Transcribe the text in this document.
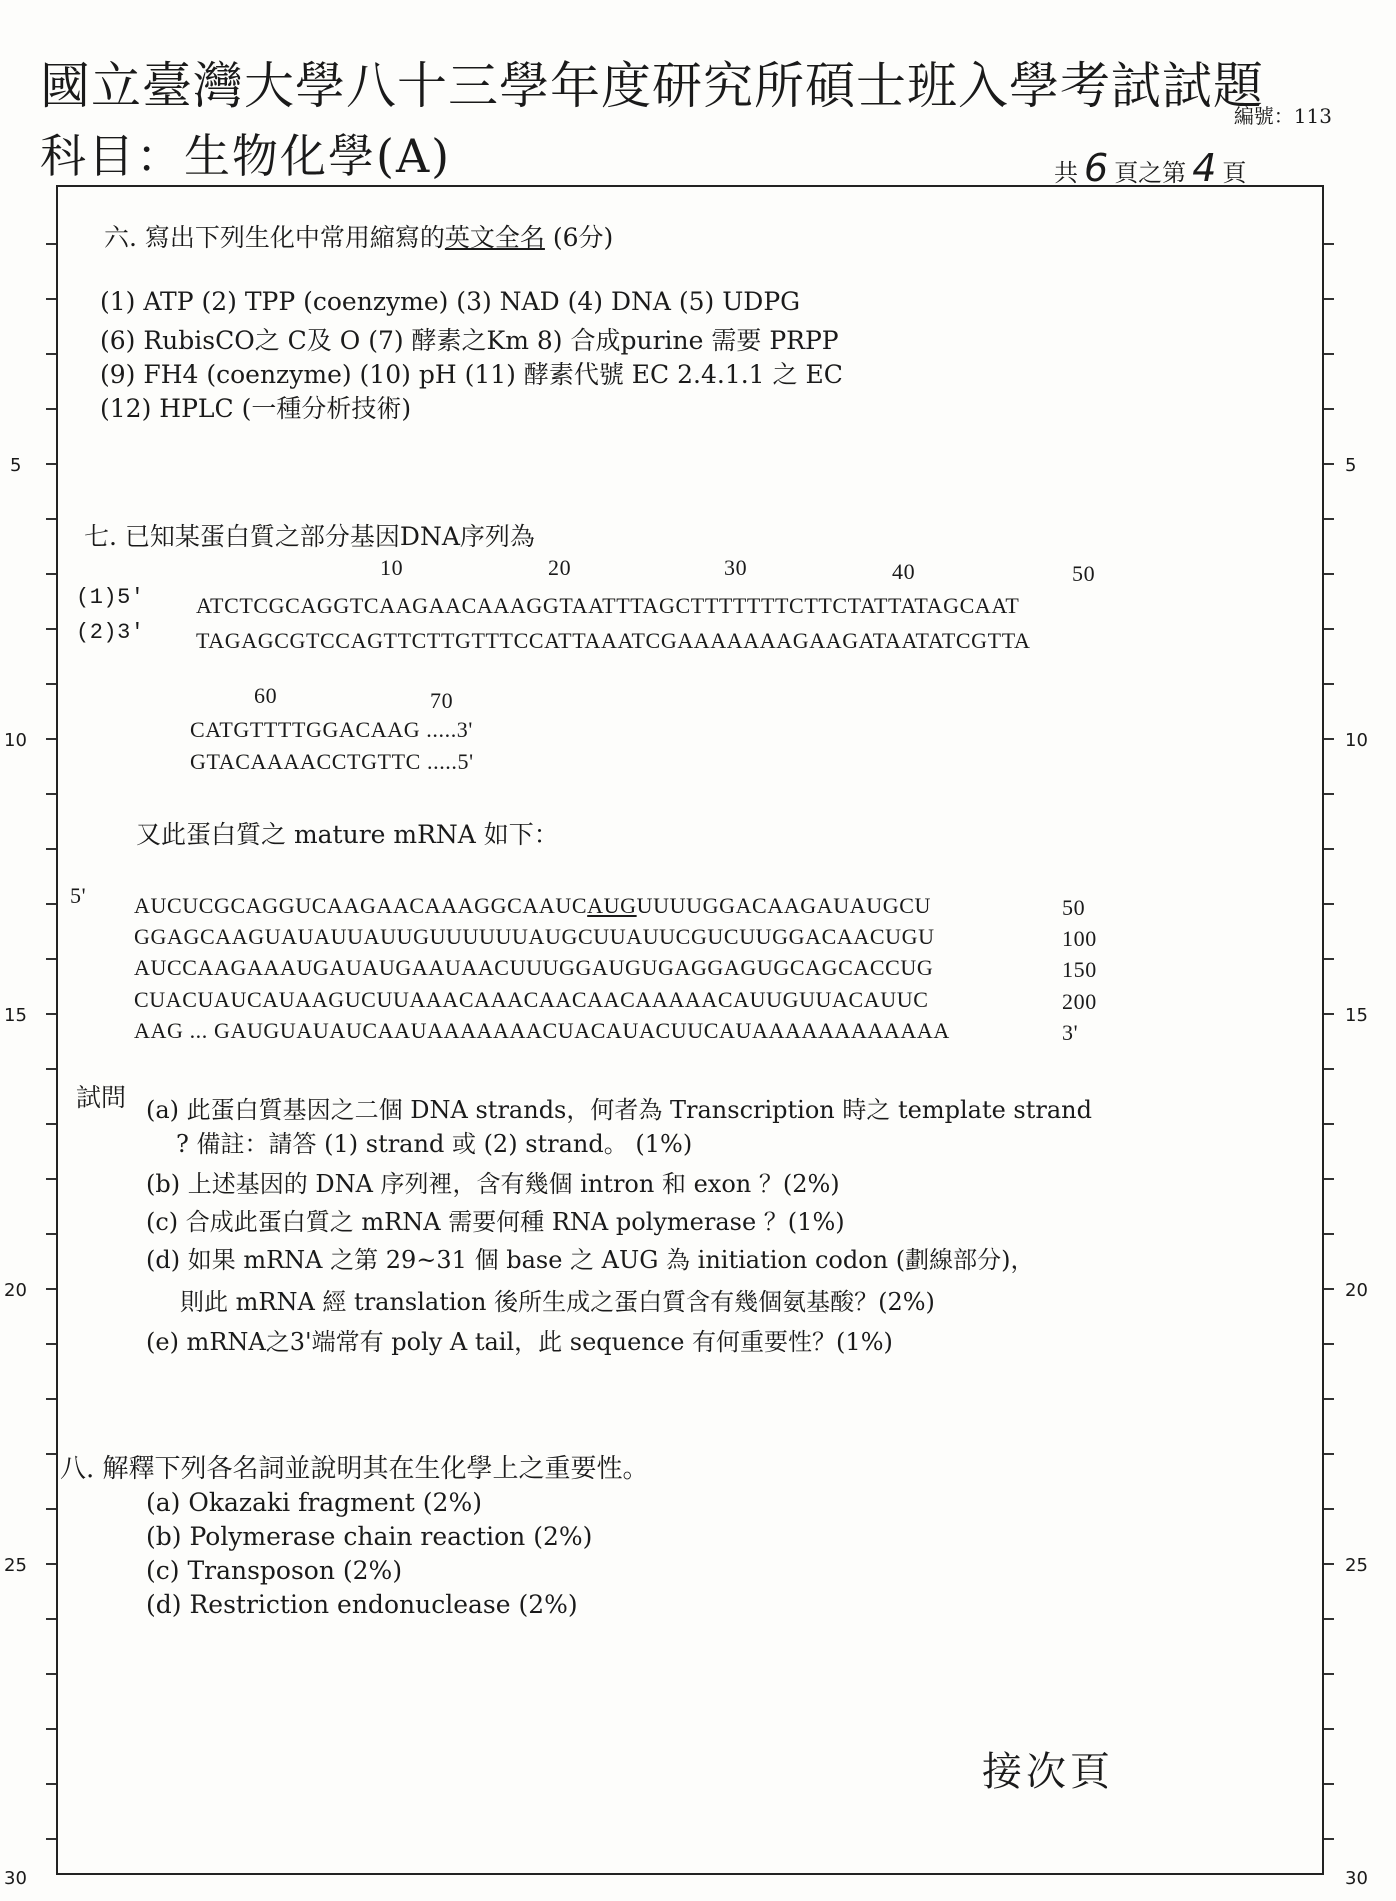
國立臺灣大學八十三學年度研究所碩士班入學考試試題
科目：生物化學(A)
編號：113
共 6 頁之第 4 頁
5
10
15
20
25
30
5
10
15
20
25
30
六. 寫出下列生化中常用縮寫的英文全名 (6分)
(1) ATP (2) TPP (coenzyme) (3) NAD (4) DNA (5) UDPG
(6) RubisCO之 C及 O (7) 酵素之Km 8) 合成purine 需要 PRPP
(9) FH4 (coenzyme) (10) pH (11) 酵素代號 EC 2.4.1.1 之 EC
(12) HPLC (一種分析技術)
七. 已知某蛋白質之部分基因DNA序列為
10	20	30	40	50
(1)5' ATCTCGCAGGTCAAGAACAAAGGTAATTTAGCTTTTTTTCTTCTATTATAGCAAT
(2)3' TAGAGCGTCCAGTTCTTGTTTCCATTAAATCGAAAAAAAGAAGATAATATCGTTA
60	70
CATGTTTTGGACAAG .....3'
GTACAAAACCTGTTC .....5'
又此蛋白質之 mature mRNA 如下：
5' AUCUCGCAGGUCAAGAACAAAGGCAAUCAUGUUUUGGACAAGAUAUGCU
GGAGCAAGUAUAUUAUUGUUUUUUAUGCUUAUUCGUCUUGGACAACUGU
AUCCAAGAAAUGAUAUGAAUAACUUUGGAUGUGAGGAGUGCAGCACCUG
CUACUAUCAUAAGUCUUAAACAAACAACAACAAAAACAUUGUUACAUUC
AAG ... GAUGUAUAUCAAUAAAAAAACUACAUACUUCAUAAAAAAAAAAAA
50
100
150
200
3'
試問 (a) 此蛋白質基因之二個 DNA strands，何者為 Transcription 時之 template strand
? 備註：請答 (1) strand 或 (2) strand。 (1%)
(b) 上述基因的 DNA 序列裡，含有幾個 intron 和 exon ？(2%)
(c) 合成此蛋白質之 mRNA 需要何種 RNA polymerase ？(1%)
(d) 如果 mRNA 之第 29~31 個 base 之 AUG 為 initiation codon (劃線部分)，
則此 mRNA 經 translation 後所生成之蛋白質含有幾個氨基酸？(2%)
(e) mRNA之3'端常有 poly A tail，此 sequence 有何重要性？(1%)
八. 解釋下列各名詞並說明其在生化學上之重要性。
(a) Okazaki fragment (2%)
(b) Polymerase chain reaction (2%)
(c) Transposon (2%)
(d) Restriction endonuclease (2%)
接次頁
